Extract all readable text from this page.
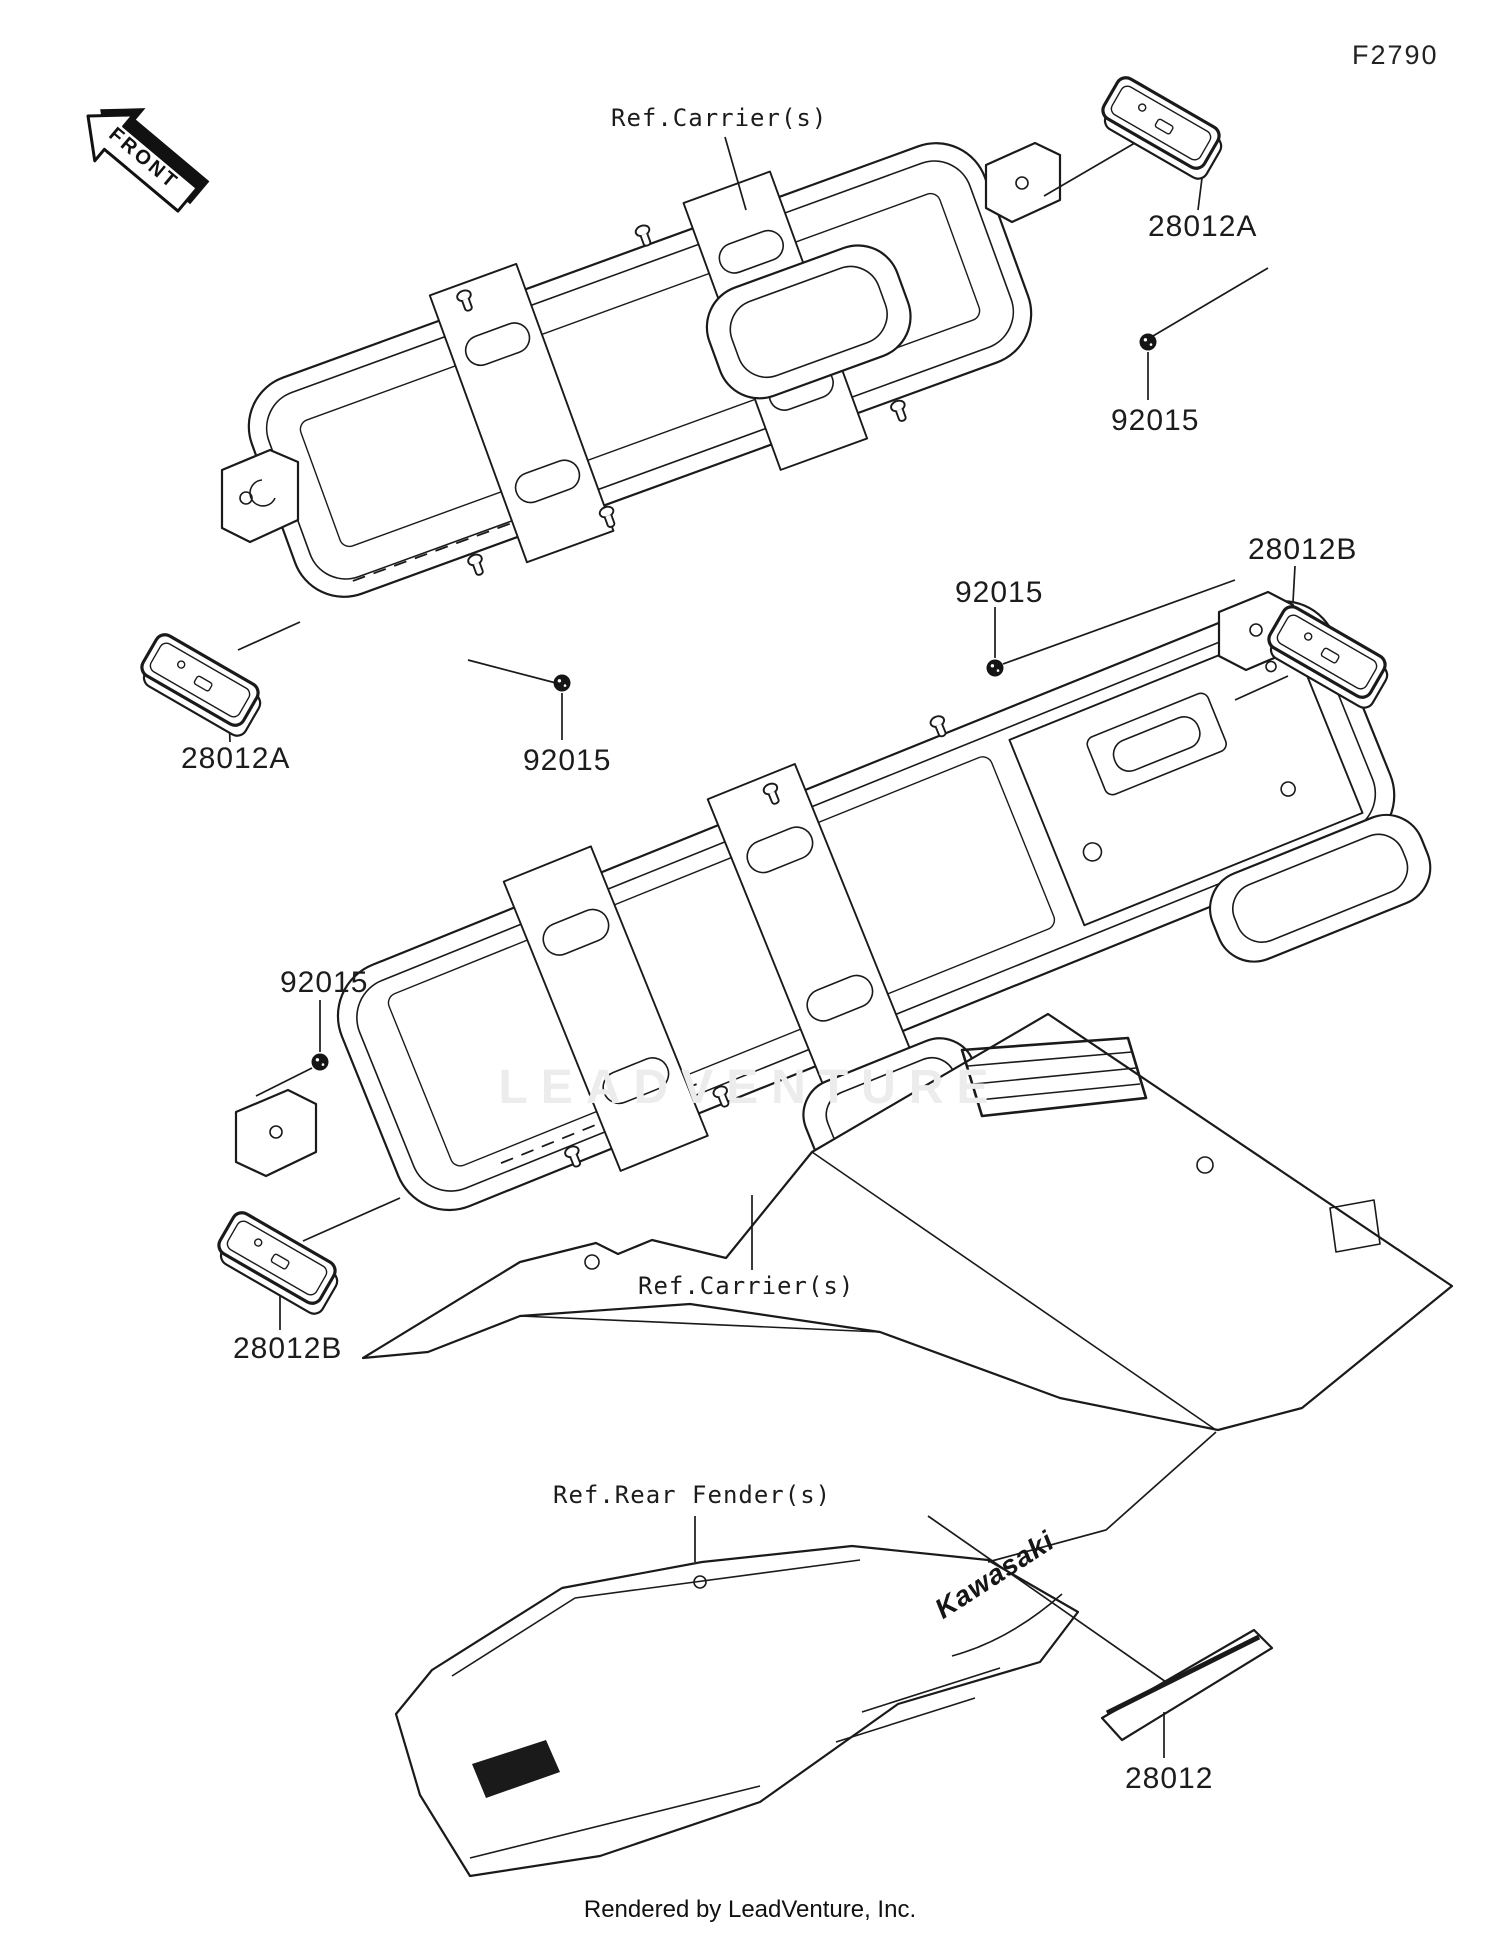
F2790
FRONT
Ref.Carrier(s)
Ref.Carrier(s)
Ref.Rear Fender(s)
28012A
92015
28012B
92015
28012A	92015
92015
28012B
28012
Kawasaki
LEADVENTURE
Rendered by LeadVenture, Inc.
